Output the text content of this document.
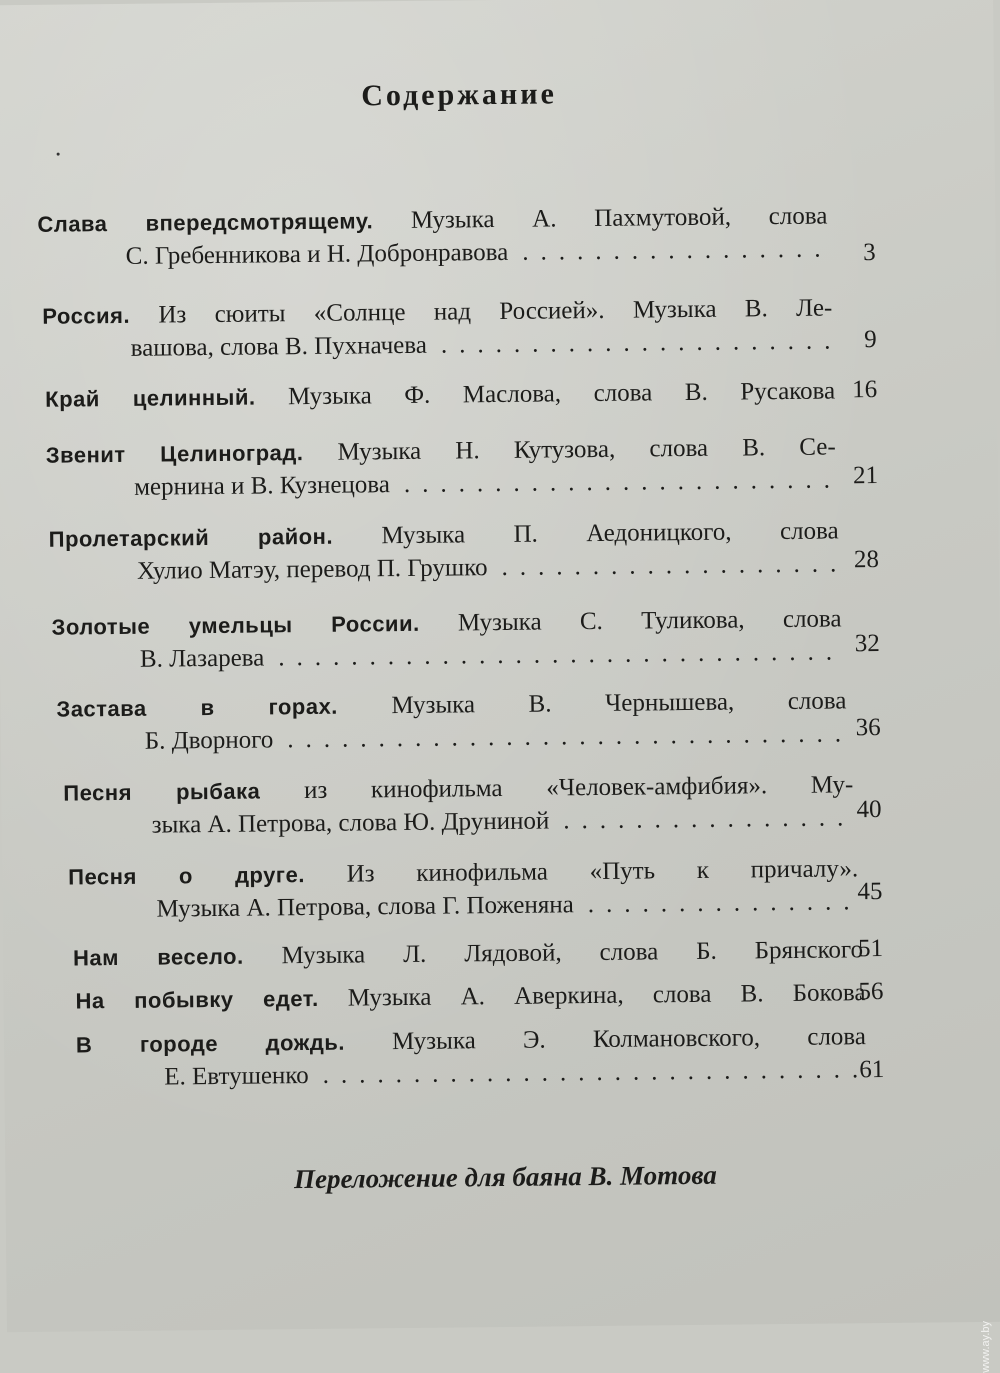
Содержание
Слава впередсмотрящему. Музыка А. Пахмутовой, слова
С. Гребенникова и Н. Добронравова ........................................
3
Россия. Из сюиты «Солнце над Россией». Музыка В. Ле-
вашова, слова В. Пухначева ........................................
9
Край целинный. Музыка Ф. Маслова, слова В. Русакова 16
Звенит Целиноград. Музыка Н. Кутузова, слова В. Се-
мернина и В. Кузнецова ........................................
21
Пролетарский район. Музыка П. Аедоницкого, слова
Хулио Матэу, перевод П. Грушко ........................................
28
Золотые умельцы России. Музыка С. Туликова, слова
В. Лазарева ........................................
32
Застава в горах. Музыка В. Чернышева, слова
Б. Дворного ........................................
36
Песня рыбака из кинофильма «Человек-амфибия». Му-
зыка А. Петрова, слова Ю. Друниной ........................................
40
Песня о друге. Из кинофильма «Путь к причалу».
Музыка А. Петрова, слова Г. Поженяна ........................................
45
Нам весело. Музыка Л. Лядовой, слова Б. Брянского
51
На побывку едет. Музыка А. Аверкина, слова В. Бокова
56
В городе дождь. Музыка Э. Колмановского, слова
Е. Евтушенко ........................................
61
Переложение для баяна В. Мотова
